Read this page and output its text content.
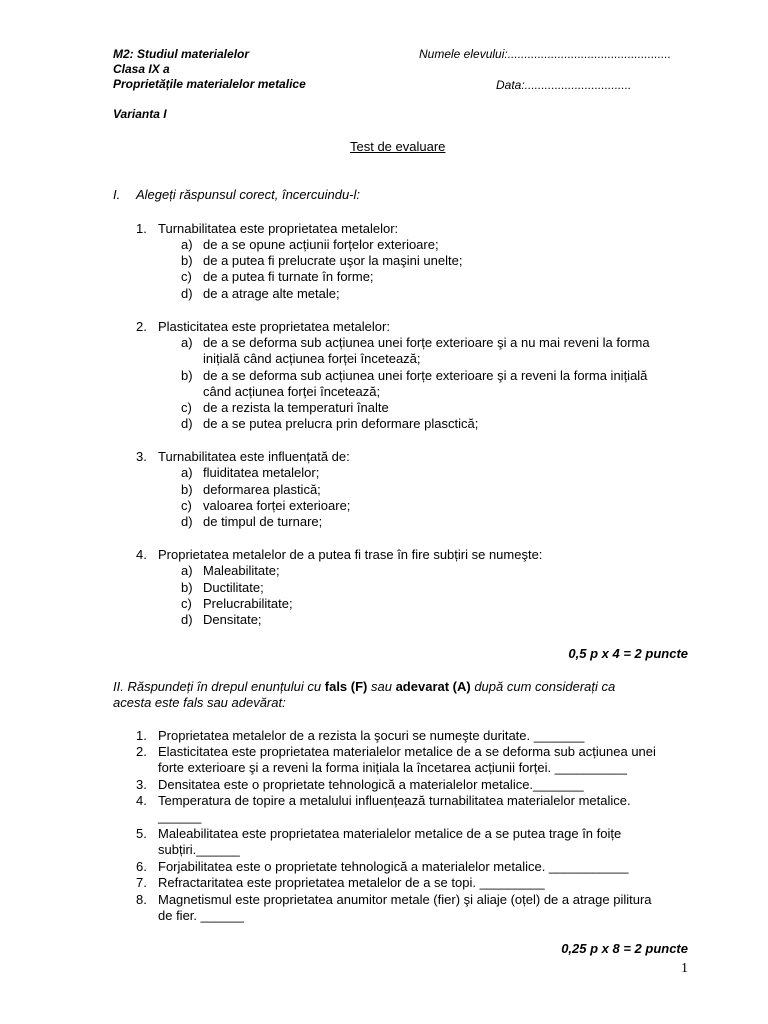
M2: Studiul materialelor
Clasa IX a
Proprietățile materialelor metalice
Varianta I
Numele elevului:.................................................
Data:................................
Test de evaluare
I. Alegeți răspunsul corect, încercuindu-l:
1. Turnabilitatea este proprietatea metalelor:
a) de a se opune acțiunii forțelor exterioare;
b) de a putea fi prelucrate uşor la maşini unelte;
c) de a putea fi turnate în forme;
d) de a atrage alte metale;
2. Plasticitatea este proprietatea metalelor:
a) de a se deforma sub acțiunea unei forțe exterioare şi a nu mai reveni la forma
inițială când acțiunea forței încetează;
b) de a se deforma sub acțiunea unei forțe exterioare şi a reveni la forma inițială
când acțiunea forței încetează;
c) de a rezista la temperaturi înalte
d) de a se putea prelucra prin deformare plasctică;
3. Turnabilitatea este influențată de:
a) fluiditatea metalelor;
b) deformarea plastică;
c) valoarea forței exterioare;
d) de timpul de turnare;
4. Proprietatea metalelor de a putea fi trase în fire subțiri se numeşte:
a) Maleabilitate;
b) Ductilitate;
c) Prelucrabilitate;
d) Densitate;
0,5 p x 4 = 2 puncte
II. Răspundeți în drepul enunțului cu fals (F) sau adevarat (A) după cum considerați ca
acesta este fals sau adevărat:
1. Proprietatea metalelor de a rezista la şocuri se numeşte duritate. _______
2. Elasticitatea este proprietatea materialelor metalice de a se deforma sub acțiunea unei
forte exterioare şi a reveni la forma inițiala la încetarea acțiunii forței. __________
3. Densitatea este o proprietate tehnologică a materialelor metalice._______
4. Temperatura de topire a metalului influențează turnabilitatea materialelor metalice.
______
5. Maleabilitatea este proprietatea materialelor metalice de a se putea trage în foițe
subțiri.______
6. Forjabilitatea este o proprietate tehnologică a materialelor metalice. ___________
7. Refractaritatea este proprietatea metalelor de a se topi. _________
8. Magnetismul este proprietatea anumitor metale (fier) şi aliaje (oțel) de a atrage pilitura
de fier. ______
0,25 p x 8 = 2 puncte
1
